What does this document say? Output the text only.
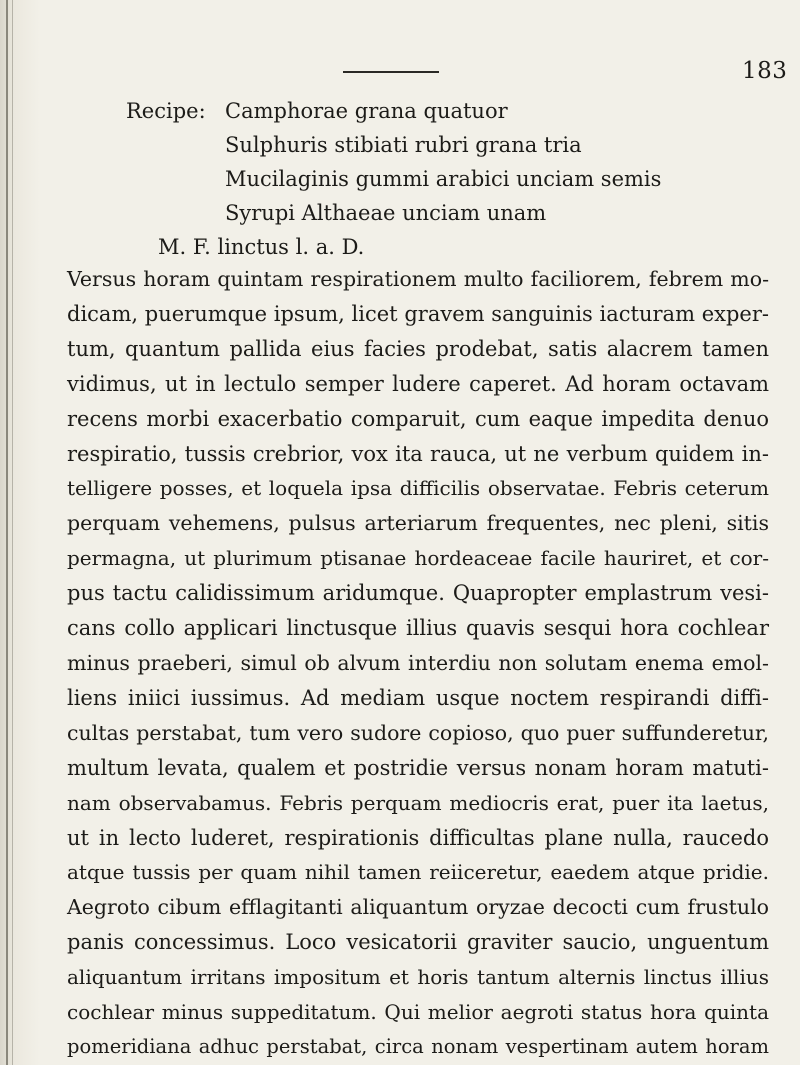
183
Recipe: Camphorae grana quatuor
Sulphuris stibiati rubri grana tria
Mucilaginis gummi arabici unciam semis
Syrupi Althaeae unciam unam
M. F. linctus l. a. D.
Versus horam quintam respirationem multo faciliorem, febrem mo-
dicam, puerumque ipsum, licet gravem sanguinis iacturam exper-
tum, quantum pallida eius facies prodebat, satis alacrem tamen
vidimus, ut in lectulo semper ludere caperet. Ad horam octavam
recens morbi exacerbatio comparuit, cum eaque impedita denuo
respiratio, tussis crebrior, vox ita rauca, ut ne verbum quidem in-
telligere posses, et loquela ipsa difficilis observatae. Febris ceterum
perquam vehemens, pulsus arteriarum frequentes, nec pleni, sitis
permagna, ut plurimum ptisanae hordeaceae facile hauriret, et cor-
pus tactu calidissimum aridumque. Quapropter emplastrum vesi-
cans collo applicari linctusque illius quavis sesqui hora cochlear
minus praeberi, simul ob alvum interdiu non solutam enema emol-
liens iniici iussimus. Ad mediam usque noctem respirandi diffi-
cultas perstabat, tum vero sudore copioso, quo puer suffunderetur,
multum levata, qualem et postridie versus nonam horam matuti-
nam observabamus. Febris perquam mediocris erat, puer ita laetus,
ut in lecto luderet, respirationis difficultas plane nulla, raucedo
atque tussis per quam nihil tamen reiiceretur, eaedem atque pridie.
Aegroto cibum efflagitanti aliquantum oryzae decocti cum frustulo
panis concessimus. Loco vesicatorii graviter saucio, unguentum
aliquantum irritans impositum et horis tantum alternis linctus illius
cochlear minus suppeditatum. Qui melior aegroti status hora quinta
pomeridiana adhuc perstabat, circa nonam vespertinam autem horam
